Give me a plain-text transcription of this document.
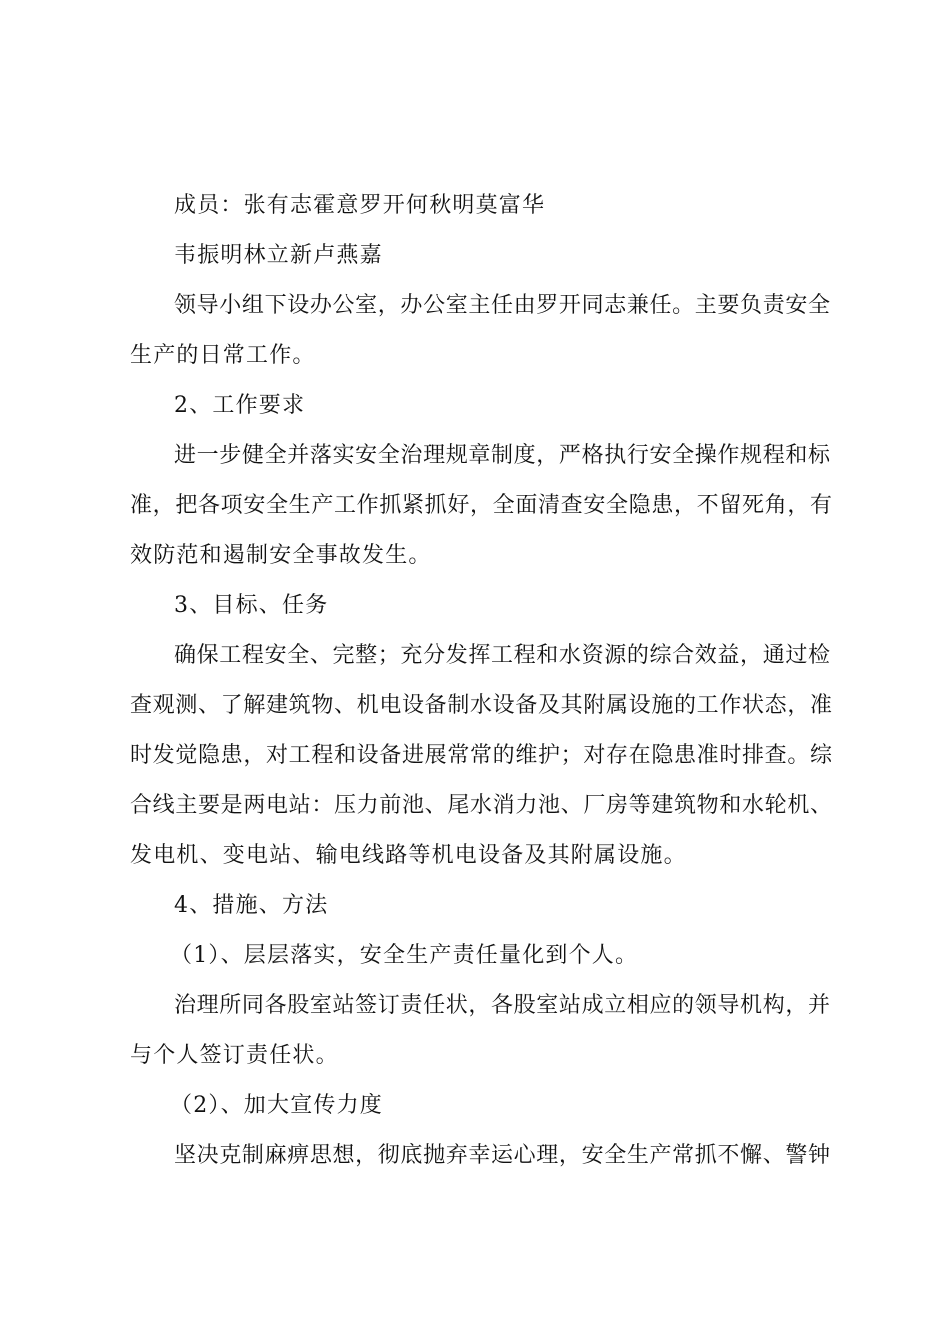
成员：张有志霍意罗开何秋明莫富华
韦振明林立新卢燕嘉
领导小组下设办公室，办公室主任由罗开同志兼任。主要负责安全
生产的日常工作。
2、工作要求
进一步健全并落实安全治理规章制度，严格执行安全操作规程和标
准，把各项安全生产工作抓紧抓好，全面清查安全隐患，不留死角，有
效防范和遏制安全事故发生。
3、目标、任务
确保工程安全、完整；充分发挥工程和水资源的综合效益，通过检
查观测、了解建筑物、机电设备制水设备及其附属设施的工作状态，准
时发觉隐患，对工程和设备进展常常的维护；对存在隐患准时排查。综
合线主要是两电站：压力前池、尾水消力池、厂房等建筑物和水轮机、
发电机、变电站、输电线路等机电设备及其附属设施。
4、措施、方法
（1）、层层落实，安全生产责任量化到个人。
治理所同各股室站签订责任状，各股室站成立相应的领导机构，并
与个人签订责任状。
（2）、加大宣传力度
坚决克制麻痹思想，彻底抛弃幸运心理，安全生产常抓不懈、警钟
